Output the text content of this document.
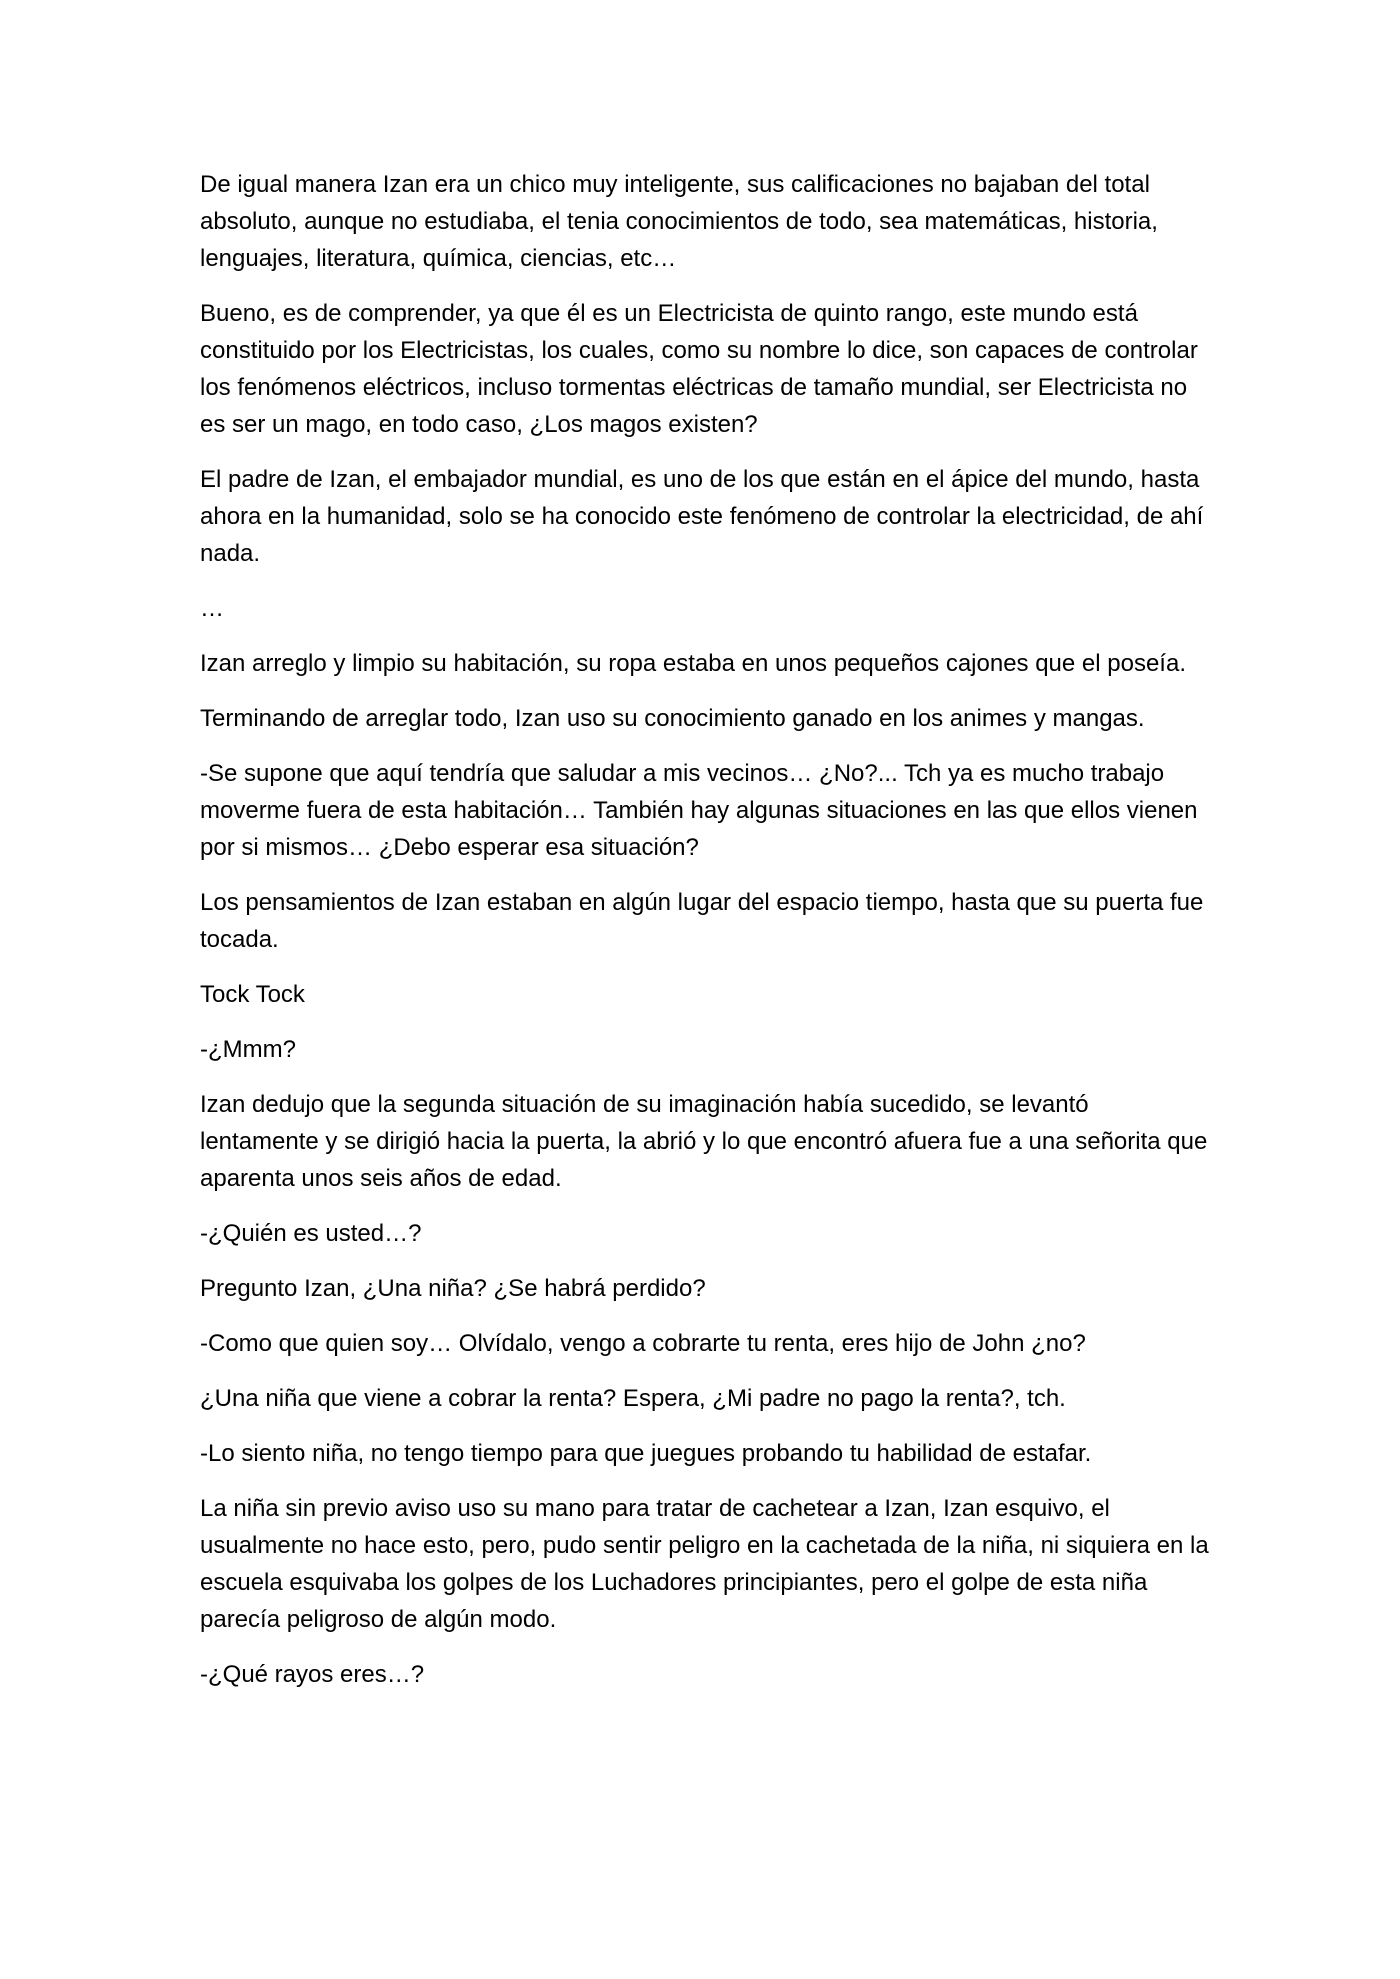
De igual manera Izan era un chico muy inteligente, sus calificaciones no bajaban del total absoluto, aunque no estudiaba, el tenia conocimientos de todo, sea matemáticas, historia, lenguajes, literatura, química, ciencias, etc…

Bueno, es de comprender, ya que él es un Electricista de quinto rango, este mundo está constituido por los Electricistas, los cuales, como su nombre lo dice, son capaces de controlar los fenómenos eléctricos, incluso tormentas eléctricas de tamaño mundial, ser Electricista no es ser un mago, en todo caso, ¿Los magos existen?

El padre de Izan, el embajador mundial, es uno de los que están en el ápice del mundo, hasta ahora en la humanidad, solo se ha conocido este fenómeno de controlar la electricidad, de ahí nada.

…

Izan arreglo y limpio su habitación, su ropa estaba en unos pequeños cajones que el poseía.

Terminando de arreglar todo, Izan uso su conocimiento ganado en los animes y mangas.

-Se supone que aquí tendría que saludar a mis vecinos… ¿No?... Tch ya es mucho trabajo moverme fuera de esta habitación… También hay algunas situaciones en las que ellos vienen por si mismos… ¿Debo esperar esa situación?

Los pensamientos de Izan estaban en algún lugar del espacio tiempo, hasta que su puerta fue tocada.

Tock Tock

-¿Mmm?

Izan dedujo que la segunda situación de su imaginación había sucedido, se levantó lentamente y se dirigió hacia la puerta, la abrió y lo que encontró afuera fue a una señorita que aparenta unos seis años de edad.

-¿Quién es usted…?

Pregunto Izan, ¿Una niña? ¿Se habrá perdido?

-Como que quien soy… Olvídalo, vengo a cobrarte tu renta, eres hijo de John ¿no?

¿Una niña que viene a cobrar la renta? Espera, ¿Mi padre no pago la renta?, tch.

-Lo siento niña, no tengo tiempo para que juegues probando tu habilidad de estafar.

La niña sin previo aviso uso su mano para tratar de cachetear a Izan, Izan esquivo, el usualmente no hace esto, pero, pudo sentir peligro en la cachetada de la niña, ni siquiera en la escuela esquivaba los golpes de los Luchadores principiantes, pero el golpe de esta niña parecía peligroso de algún modo.

-¿Qué rayos eres…?
